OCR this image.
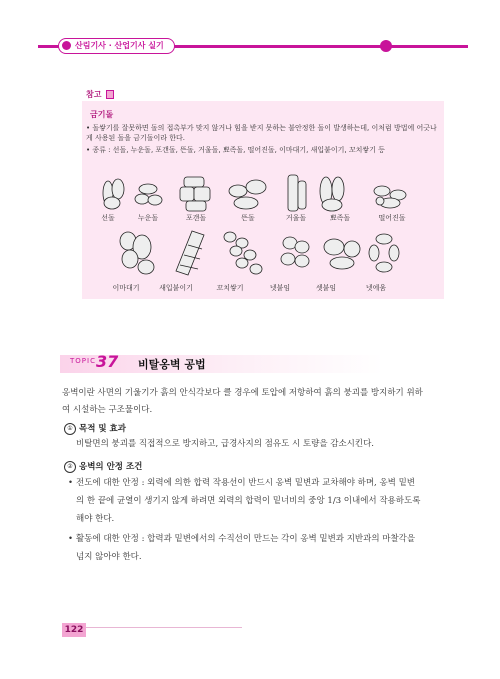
산림기사 · 산업기사 실기
참고
금기돌
• 돌쌓기를 잘못하면 돌의 접촉부가 맞지 않거나 힘을 받지 못하는 불안정한 돌이 발생하는데, 이처럼 방법에 어긋나게 사용된 돌을 금기돌이라 한다.
• 종류 : 선돌, 누운돌, 포갠돌, 뜬돌, 거울돌, 뾰족돌, 떨어진돌, 이마대기, 새입붙이기, 꼬치쌓기 등
선돌	누운돌	포갠돌	뜬돌	거울돌	뾰족돌	떨어진돌
이마대기	새입붙이기	꼬치쌓기	넷붙임	셋붙임	넷에움
TOPIC 37 비탈옹벽 공법
옹벽이란 사면의 기울기가 흙의 안식각보다 클 경우에 토압에 저항하여 흙의 붕괴를 방지하기 위하
여 시설하는 구조물이다.
① 목적 및 효과
비탈면의 붕괴를 직접적으로 방지하고, 급경사지의 점유도 시 토량을 감소시킨다.
② 옹벽의 안정 조건
• 전도에 대한 안정 : 외력에 의한 합력 작용선이 반드시 옹벽 밑변과 교차해야 하며, 옹벽 밑변
의 한 끝에 균열이 생기지 않게 하려면 외력의 합력이 밑너비의 중앙 1/3 이내에서 작용하도록
해야 한다.
• 활동에 대한 안정 : 합력과 밑변에서의 수직선이 만드는 각이 옹벽 밑변과 지반과의 마찰각을
넘지 않아야 한다.
122
